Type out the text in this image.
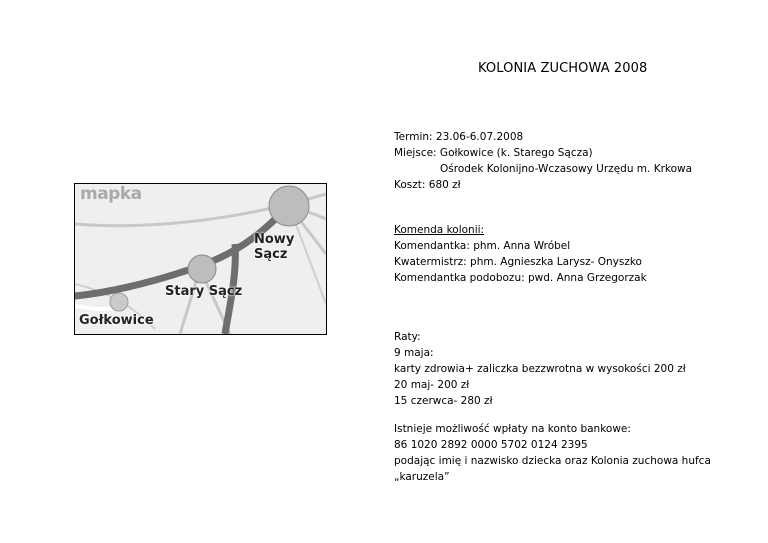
KOLONIA ZUCHOWA 2008
mapka
Nowy Sącz
Stary Sącz
Gołkowice
Termin: 23.06-6.07.2008
Miejsce: Gołkowice (k. Starego Sącza)
Ośrodek Kolonijno-Wczasowy Urzędu m. Krkowa
Koszt: 680 zł
Komenda kolonii:
Komendantka: phm. Anna Wróbel
Kwatermistrz: phm. Agnieszka Larysz- Onyszko
Komendantka podobozu: pwd. Anna Grzegorzak
Raty:
9 maja:
karty zdrowia+ zaliczka bezzwrotna w wysokości 200 zł
20 maj- 200 zł
15 czerwca- 280 zł
Istnieje możliwość wpłaty na konto bankowe:
86 1020 2892 0000 5702 0124 2395
podając imię i nazwisko dziecka oraz Kolonia zuchowa hufca
„karuzela”
